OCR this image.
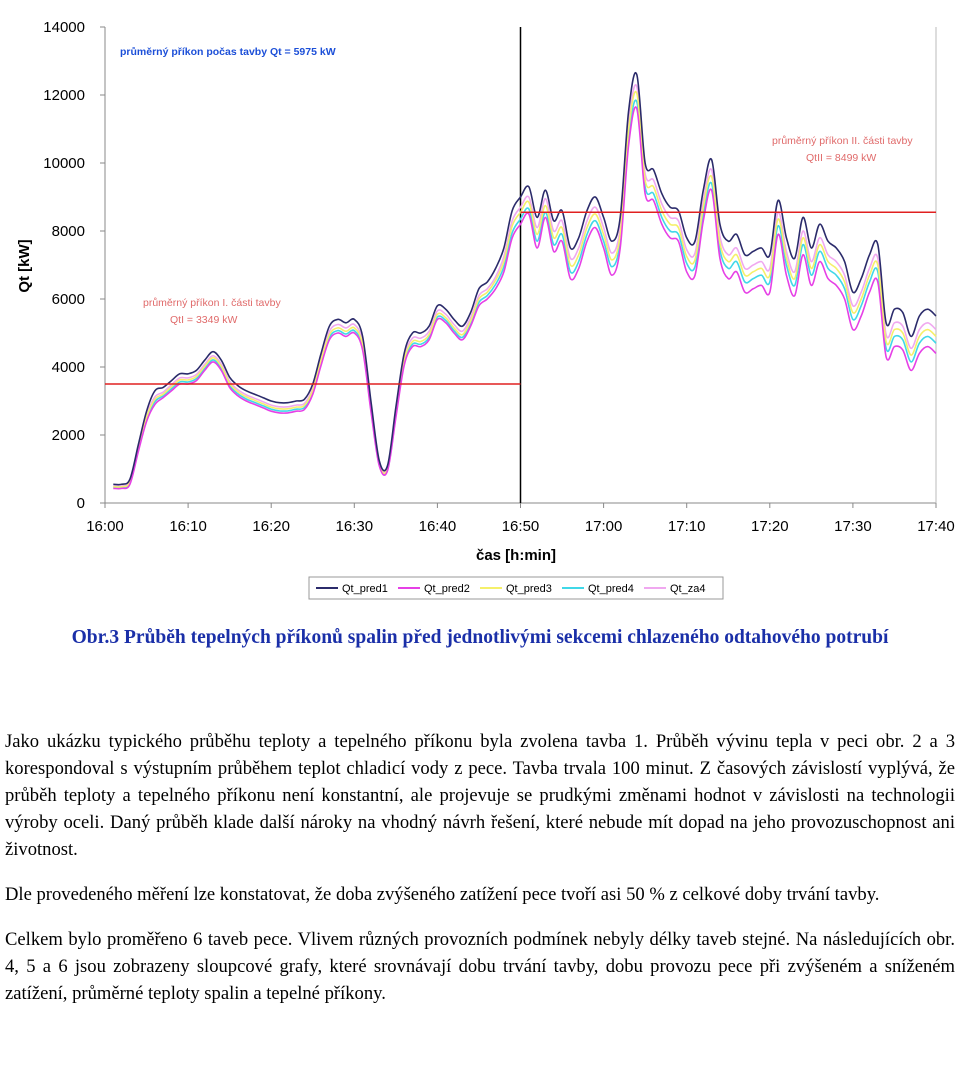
0
2000
4000
6000
8000
10000
12000
14000
16:00	16:10	16:20	16:30	16:40	16:50	17:00	17:10	17:20	17:30	17:40
průměrný příkon počas tavby Qt = 5975 kW
průměrný příkon I. části tavby
QtI = 3349 kW
průměrný příkon II. části tavby
QtII = 8499 kW
Qt [kW]
čas [h:min]
Qt_pred1	Qt_pred2	Qt_pred3	Qt_pred4	Qt_za4
Obr.3 Průběh tepelných příkonů spalin před jednotlivými sekcemi chlazeného odtahového potrubí

Jako ukázku typického průběhu teploty a tepelného příkonu byla zvolena tavba 1. Průběh vývinu tepla v peci obr. 2 a 3 korespondoval s výstupním průběhem teplot chladicí vody z pece. Tavba trvala 100 minut. Z časových závislostí vyplývá, že průběh teploty a tepelného příkonu není konstantní, ale projevuje se prudkými změnami hodnot v závislosti na technologii výroby oceli. Daný průběh klade další nároky na vhodný návrh řešení, které nebude mít dopad na jeho provozuschopnost ani životnost.

Dle provedeného měření lze konstatovat, že doba zvýšeného zatížení pece tvoří asi 50 % z celkové doby trvání tavby.

Celkem bylo proměřeno 6 taveb pece. Vlivem různých provozních podmínek nebyly délky taveb stejné. Na následujících obr. 4, 5 a 6 jsou zobrazeny sloupcové grafy, které srovnávají dobu trvání tavby, dobu provozu pece při zvýšeném a sníženém zatížení, průměrné teploty spalin a tepelné příkony.
